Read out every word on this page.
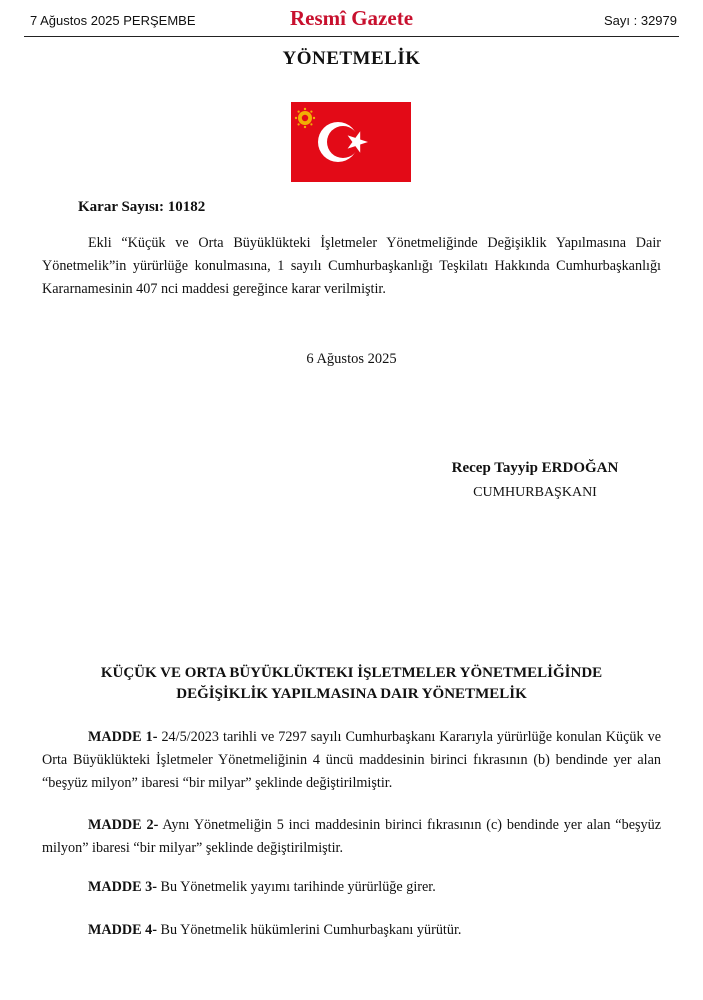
7 Ağustos 2025 PERŞEMBE	Resmî Gazete	Sayı : 32979
YÖNETMELİK
Karar Sayısı: 10182
Ekli “Küçük ve Orta Büyüklükteki İşletmeler Yönetmeliğinde Değişiklik Yapılmasına Dair Yönetmelik”in yürürlüğe konulmasına, 1 sayılı Cumhurbaşkanlığı Teşkilatı Hakkında Cumhurbaşkanlığı Kararnamesinin 407 nci maddesi gereğince karar verilmiştir.
6 Ağustos 2025
Recep Tayyip ERDOĞAN
CUMHURBAŞKANI
KÜÇÜK VE ORTA BÜYÜKLÜKTEKI İŞLETMELER YÖNETMELİĞİNDE
DEĞİŞİKLİK YAPILMASINA DAIR YÖNETMELİK
MADDE 1- 24/5/2023 tarihli ve 7297 sayılı Cumhurbaşkanı Kararıyla yürürlüğe konulan Küçük ve Orta Büyüklükteki İşletmeler Yönetmeliğinin 4 üncü maddesinin birinci fıkrasının (b) bendinde yer alan “beşyüz milyon” ibaresi “bir milyar” şeklinde değiştirilmiştir.
MADDE 2- Aynı Yönetmeliğin 5 inci maddesinin birinci fıkrasının (c) bendinde yer alan “beşyüz milyon” ibaresi “bir milyar” şeklinde değiştirilmiştir.
MADDE 3- Bu Yönetmelik yayımı tarihinde yürürlüğe girer.
MADDE 4- Bu Yönetmelik hükümlerini Cumhurbaşkanı yürütür.
